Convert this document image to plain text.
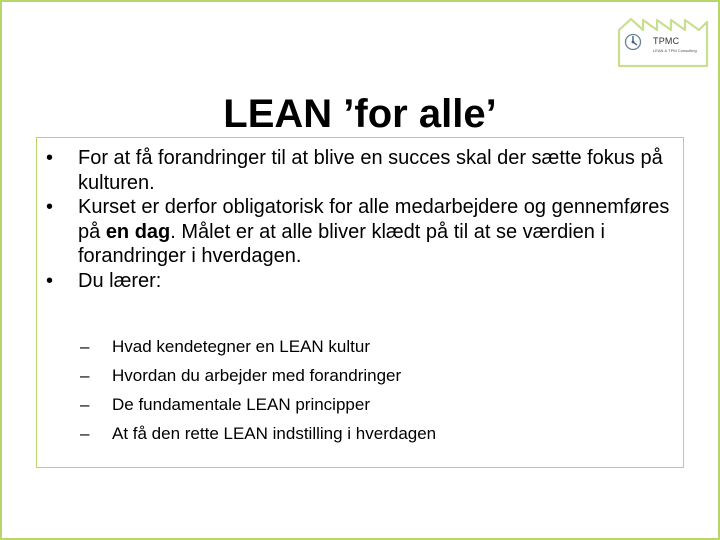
TPMC
LEAN & TPM Consulting
LEAN ’for alle’
• For at få forandringer til at blive en succes skal der sætte fokus på kulturen.
• Kurset er derfor obligatorisk for alle medarbejdere og gennemføres på en dag. Målet er at alle bliver klædt på til at se værdien i forandringer i hverdagen.
• Du lærer:
– Hvad kendetegner en LEAN kultur
– Hvordan du arbejder med forandringer
– De fundamentale LEAN principper
– At få den rette LEAN indstilling i hverdagen
